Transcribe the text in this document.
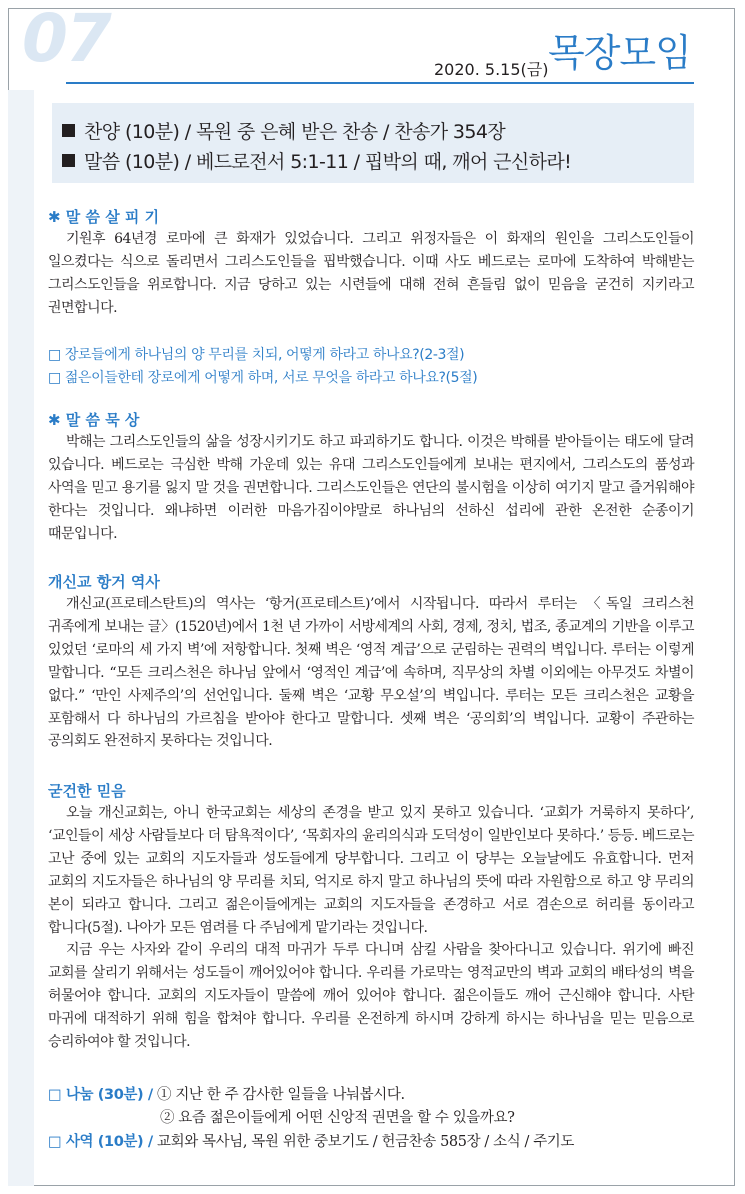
07	2020. 5.15(금) 목장모임
찬양 (10분) / 목원 중 은혜 받은 찬송 / 찬송가 354장
말씀 (10분) / 베드로전서 5:1-11 / 핍박의 때, 깨어 근신하라!
✱ 말 씀 살 피 기

기원후 64년경 로마에 큰 화재가 있었습니다. 그리고 위정자들은 이 화재의 원인을 그리스도인들이 일으켰다는 식으로 돌리면서 그리스도인들을 핍박했습니다. 이때 사도 베드로는 로마에 도착하여 박해받는 그리스도인들을 위로합니다. 지금 당하고 있는 시련들에 대해 전혀 흔들림 없이 믿음을 굳건히 지키라고 권면합니다.

□ 장로들에게 하나님의 양 무리를 치되, 어떻게 하라고 하나요?(2-3절)
□ 젊은이들한테 장로에게 어떻게 하며, 서로 무엇을 하라고 하나요?(5절)
✱ 말 씀 묵 상

박해는 그리스도인들의 삶을 성장시키기도 하고 파괴하기도 합니다. 이것은 박해를 받아들이는 태도에 달려 있습니다. 베드로는 극심한 박해 가운데 있는 유대 그리스도인들에게 보내는 편지에서, 그리스도의 품성과 사역을 믿고 용기를 잃지 말 것을 권면합니다. 그리스도인들은 연단의 불시험을 이상히 여기지 말고 즐거워해야 한다는 것입니다. 왜냐하면 이러한 마음가짐이야말로 하나님의 선하신 섭리에 관한 온전한 순종이기 때문입니다.

개신교 항거 역사

개신교(프로테스탄트)의 역사는 ‘항거(프로테스트)’에서 시작됩니다. 따라서 루터는 〈독일 크리스천 귀족에게 보내는 글〉(1520년)에서 1천 년 가까이 서방세계의 사회, 경제, 정치, 법조, 종교계의 기반을 이루고 있었던 ‘로마의 세 가지 벽’에 저항합니다. 첫째 벽은 ‘영적 계급’으로 군림하는 권력의 벽입니다. 루터는 이렇게 말합니다. “모든 크리스천은 하나님 앞에서 ‘영적인 계급’에 속하며, 직무상의 차별 이외에는 아무것도 차별이 없다.” ‘만인 사제주의’의 선언입니다. 둘째 벽은 ‘교황 무오설’의 벽입니다. 루터는 모든 크리스천은 교황을 포함해서 다 하나님의 가르침을 받아야 한다고 말합니다. 셋째 벽은 ‘공의회’의 벽입니다. 교황이 주관하는 공의회도 완전하지 못하다는 것입니다.

굳건한 믿음

오늘 개신교회는, 아니 한국교회는 세상의 존경을 받고 있지 못하고 있습니다. ‘교회가 거룩하지 못하다’, ‘교인들이 세상 사람들보다 더 탐욕적이다’, ‘목회자의 윤리의식과 도덕성이 일반인보다 못하다.’ 등등. 베드로는 고난 중에 있는 교회의 지도자들과 성도들에게 당부합니다. 그리고 이 당부는 오늘날에도 유효합니다. 먼저 교회의 지도자들은 하나님의 양 무리를 치되, 억지로 하지 말고 하나님의 뜻에 따라 자원함으로 하고 양 무리의 본이 되라고 합니다. 그리고 젊은이들에게는 교회의 지도자들을 존경하고 서로 겸손으로 허리를 동이라고 합니다(5절). 나아가 모든 염려를 다 주님에게 맡기라는 것입니다.

지금 우는 사자와 같이 우리의 대적 마귀가 두루 다니며 삼킬 사람을 찾아다니고 있습니다. 위기에 빠진 교회를 살리기 위해서는 성도들이 깨어있어야 합니다. 우리를 가로막는 영적교만의 벽과 교회의 배타성의 벽을 허물어야 합니다. 교회의 지도자들이 말씀에 깨어 있어야 합니다. 젊은이들도 깨어 근신해야 합니다. 사탄 마귀에 대적하기 위해 힘을 합쳐야 합니다. 우리를 온전하게 하시며 강하게 하시는 하나님을 믿는 믿음으로 승리하여야 할 것입니다.

□ 나눔 (30분) / ① 지난 한 주 감사한 일들을 나눠봅시다.
② 요즘 젊은이들에게 어떤 신앙적 권면을 할 수 있을까요?
□ 사역 (10분) / 교회와 목사님, 목원 위한 중보기도 / 헌금찬송 585장 / 소식 / 주기도
